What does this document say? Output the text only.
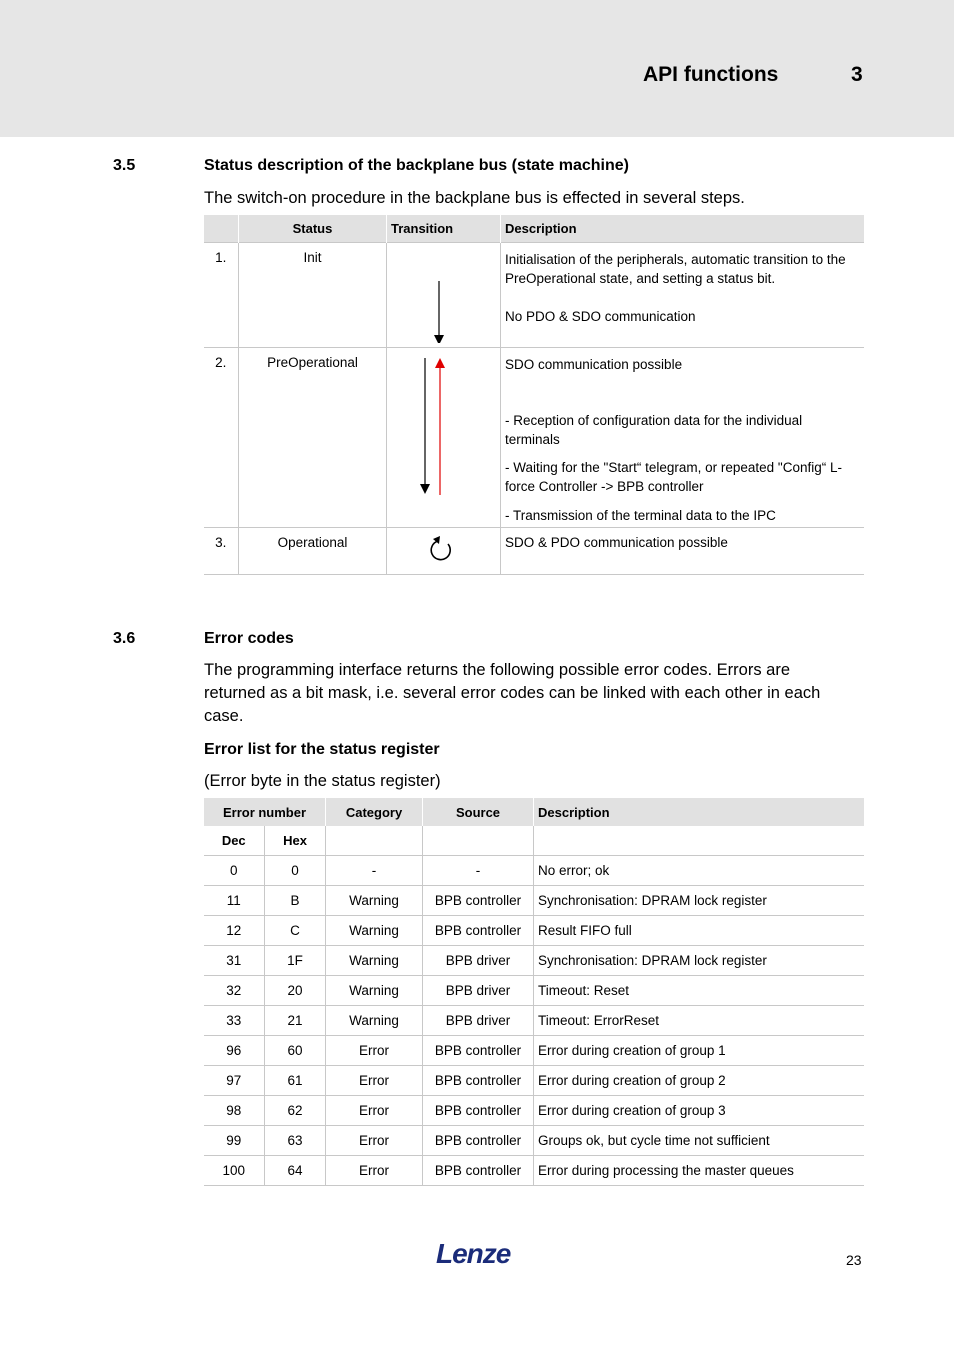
API functions	3
3.5	Status description of the backplane bus (state machine)
The switch-on procedure in the backplane bus is effected in several steps.
	Status	Transition	Description
1.	Init		Initialisation of the peripherals, automatic transition to the PreOperational state, and setting a status bit.
No PDO & SDO communication

2.	PreOperational		SDO communication possible
- Reception of configuration data for the individual terminals
- Waiting for the "Start“ telegram, or repeated "Config“ L-force Controller -> BPB controller
- Transmission of the terminal data to the IPC

3.	Operational		SDO & PDO communication possible
3.6	Error codes
The programming interface returns the following possible error codes. Errors are returned as a bit mask, i.e. several error codes can be linked with each other in each case.
Error list for the status register
(Error byte in the status register)
Error number		Category	Source	Description
Dec	Hex			
0	0	-	-	No error; ok
11	B	Warning	BPB controller	Synchronisation: DPRAM lock register
12	C	Warning	BPB controller	Result FIFO full
31	1F	Warning	BPB driver	Synchronisation: DPRAM lock register
32	20	Warning	BPB driver	Timeout: Reset
33	21	Warning	BPB driver	Timeout: ErrorReset
96	60	Error	BPB controller	Error during creation of group 1
97	61	Error	BPB controller	Error during creation of group 2
98	62	Error	BPB controller	Error during creation of group 3
99	63	Error	BPB controller	Groups ok, but cycle time not sufficient
100	64	Error	BPB controller	Error during processing the master queues
Lenze	23
